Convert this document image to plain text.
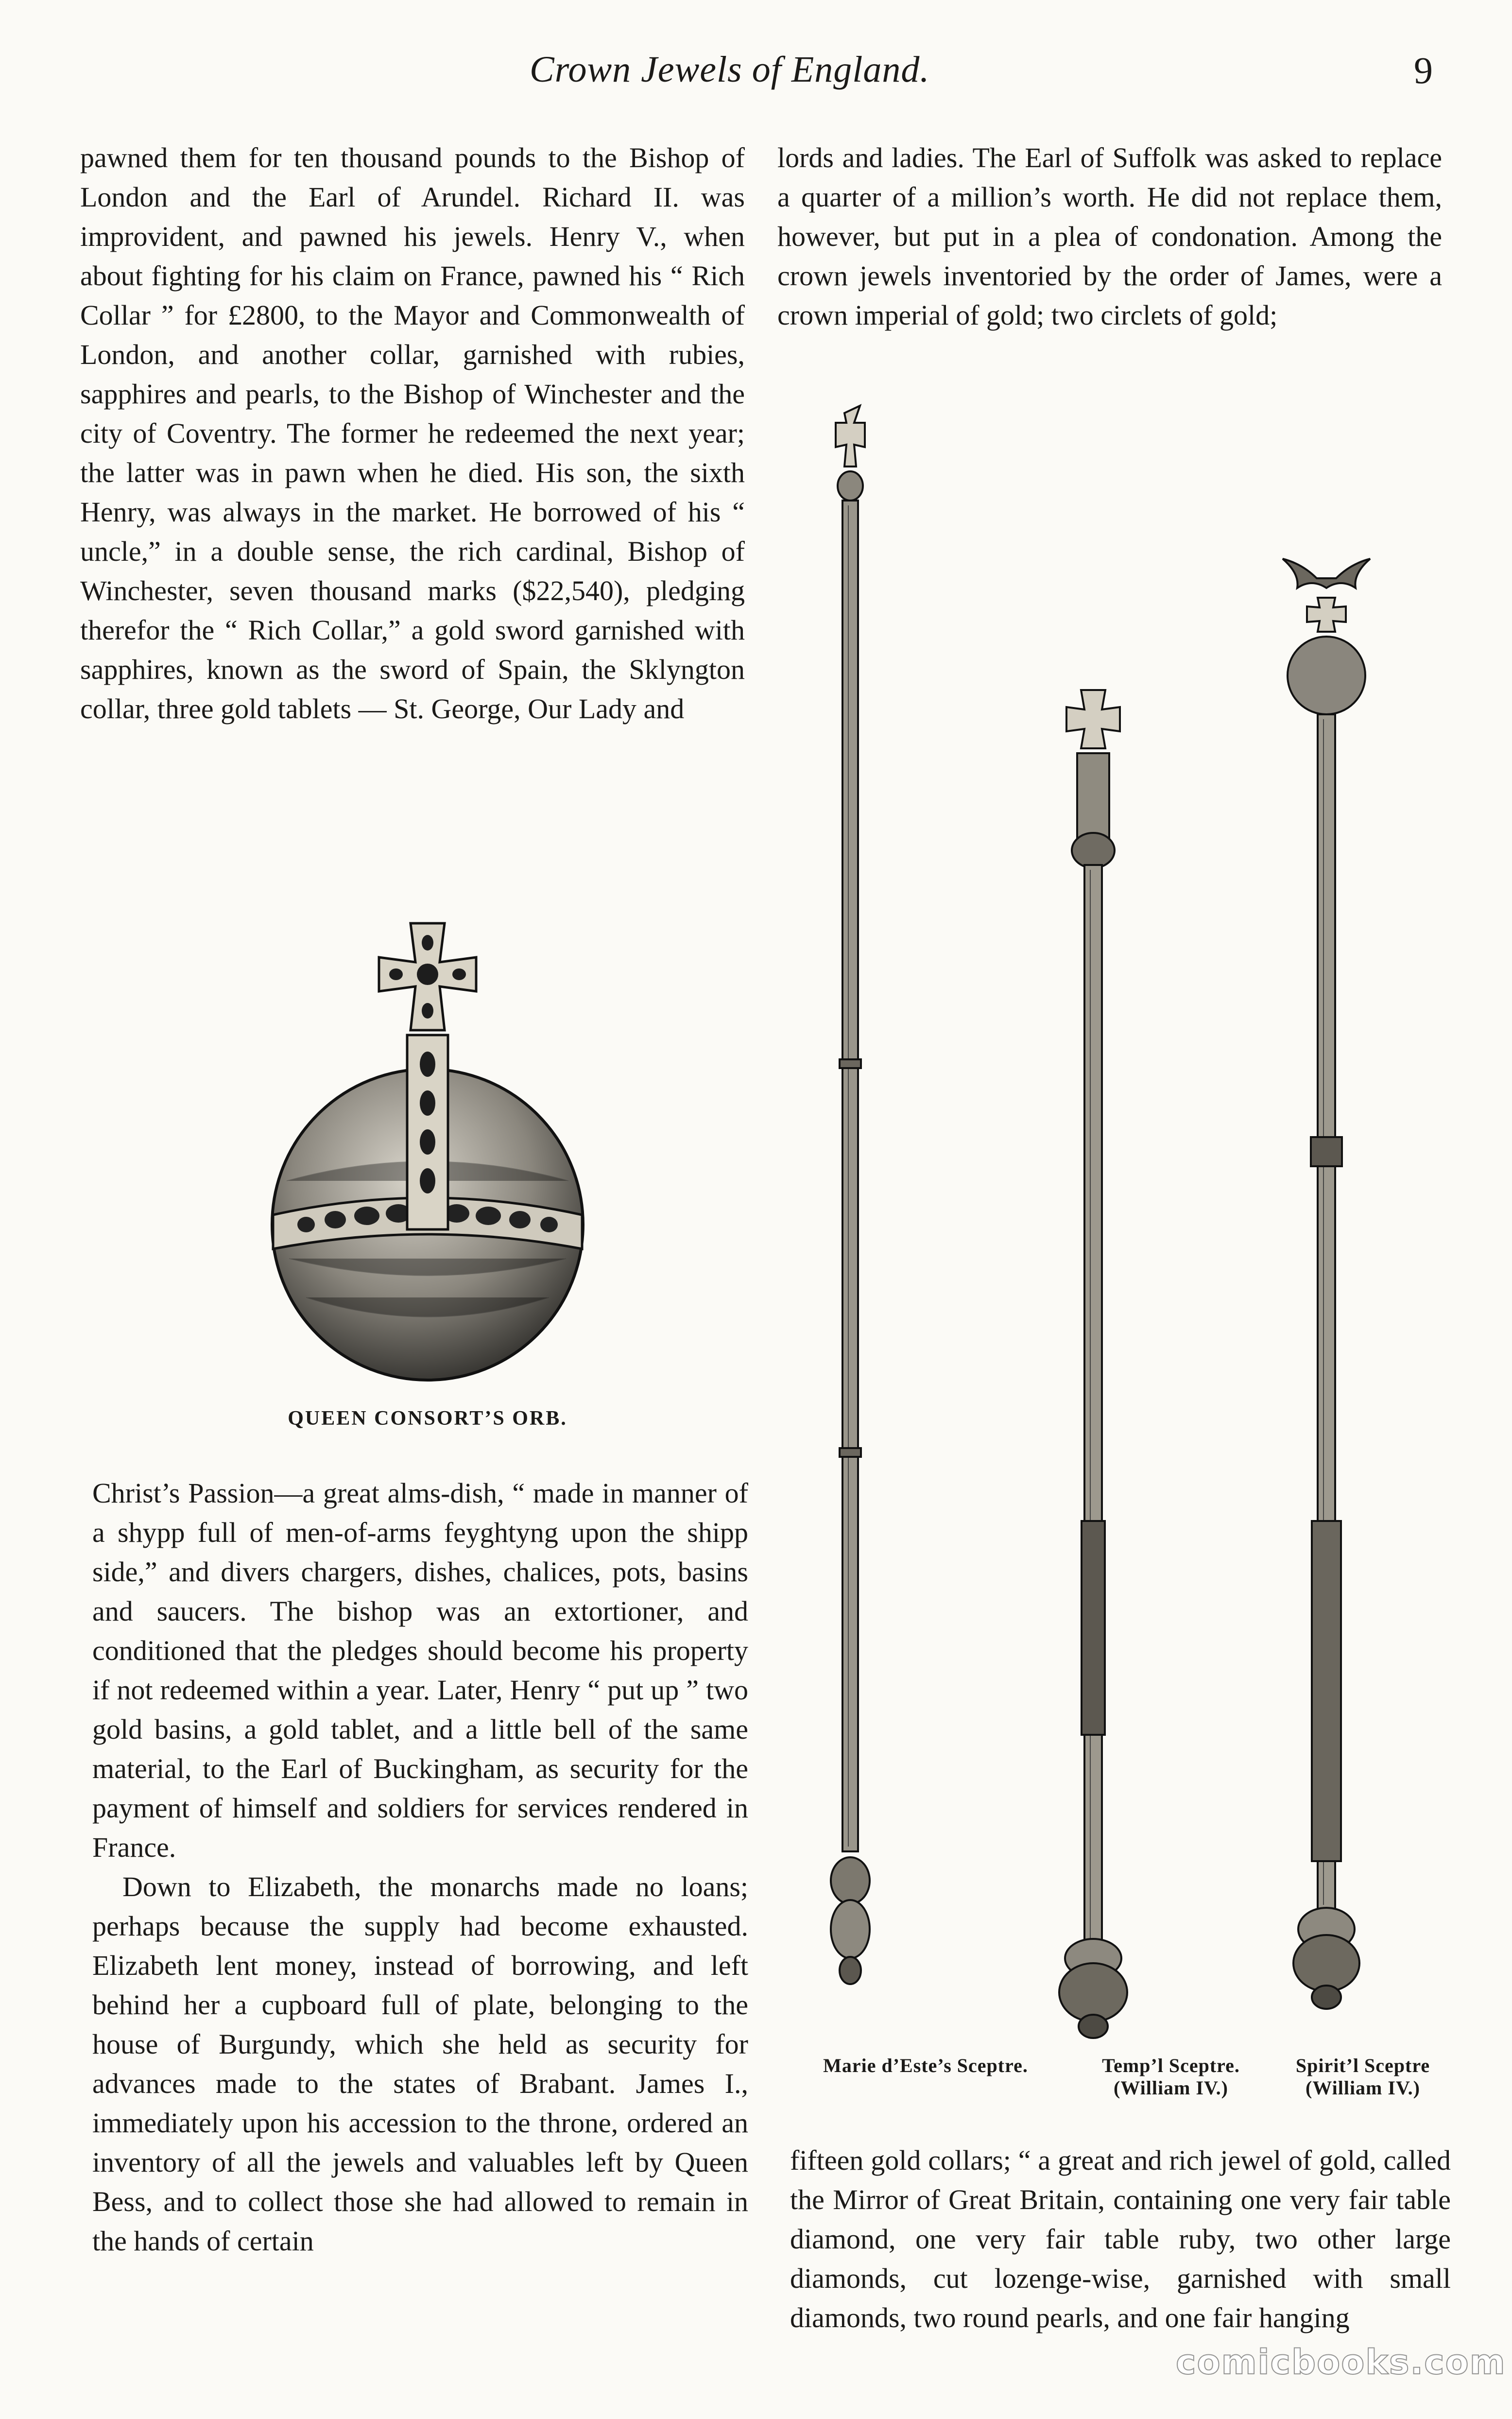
Crown Jewels of England.	9

pawned them for ten thousand pounds to the Bishop of London and the Earl of Arundel. Richard II. was improvident, and pawned his jewels. Henry V., when about fighting for his claim on France, pawned his “ Rich Collar ” for £2800, to the Mayor and Commonwealth of London, and another collar, garnished with rubies, sapphires and pearls, to the Bishop of Winchester and the city of Coventry. The former he redeemed the next year; the latter was in pawn when he died. His son, the sixth Henry, was always in the market. He borrowed of his “ uncle,” in a double sense, the rich cardinal, Bishop of Winchester, seven thousand marks ($22,540), pledging therefor the “ Rich Collar,” a gold sword garnished with sapphires, known as the sword of Spain, the Sklyngton collar, three gold tablets — St. George, Our Lady and

lords and ladies. The Earl of Suffolk was asked to replace a quarter of a million’s worth. He did not replace them, however, but put in a plea of condonation. Among the crown jewels inventoried by the order of James, were a crown imperial of gold; two circlets of gold;

QUEEN CONSORT’S ORB.
Marie d’Este’s Sceptre.	Temp’l Sceptre.
(William IV.)
Spirit’l Sceptre
(William IV.)

Christ’s Passion—a great alms-dish, “ made in manner of a shypp full of men-of-arms feyghtyng upon the shipp side,” and divers chargers, dishes, chalices, pots, basins and saucers. The bishop was an extortioner, and conditioned that the pledges should become his property if not redeemed within a year. Later, Henry “ put up ” two gold basins, a gold tablet, and a little bell of the same material, to the Earl of Buckingham, as security for the payment of himself and soldiers for services rendered in France.

Down to Elizabeth, the monarchs made no loans; perhaps because the supply had become exhausted. Elizabeth lent money, instead of borrowing, and left behind her a cupboard full of plate, belonging to the house of Burgundy, which she held as security for advances made to the states of Brabant. James I., immediately upon his accession to the throne, ordered an inventory of all the jewels and valuables left by Queen Bess, and to collect those she had allowed to remain in the hands of certain

fifteen gold collars; “ a great and rich jewel of gold, called the Mirror of Great Britain, containing one very fair table diamond, one very fair table ruby, two other large diamonds, cut lozenge-wise, garnished with small diamonds, two round pearls, and one fair hanging

comicbooks.com
